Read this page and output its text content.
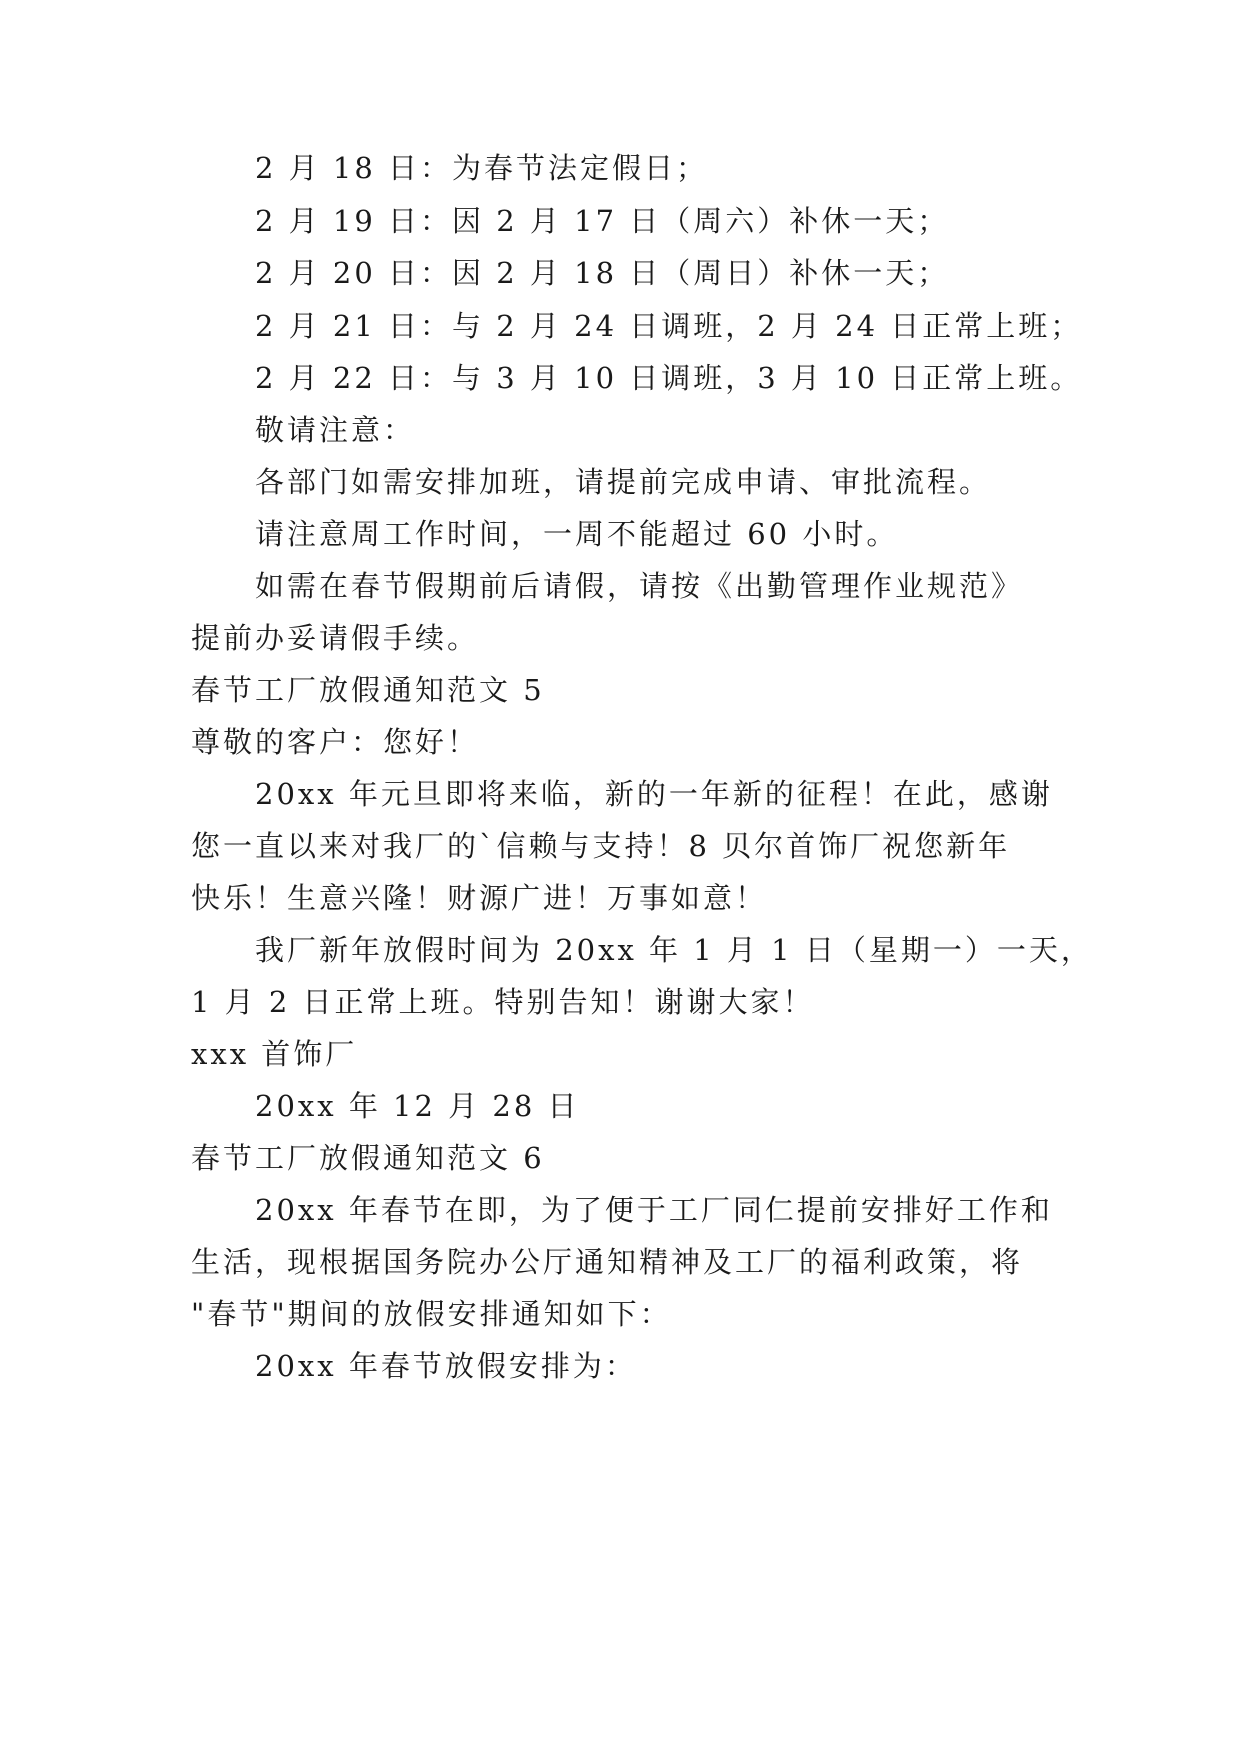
2 月 18 日：为春节法定假日；
2 月 19 日：因 2 月 17 日（周六）补休一天；
2 月 20 日：因 2 月 18 日（周日）补休一天；
2 月 21 日：与 2 月 24 日调班，2 月 24 日正常上班；
2 月 22 日：与 3 月 10 日调班，3 月 10 日正常上班。
敬请注意：
各部门如需安排加班，请提前完成申请、审批流程。
请注意周工作时间，一周不能超过 60 小时。
如需在春节假期前后请假，请按《出勤管理作业规范》
提前办妥请假手续。
春节工厂放假通知范文 5
尊敬的客户：您好！
20xx 年元旦即将来临，新的一年新的征程！在此，感谢
您一直以来对我厂的`信赖与支持！8 贝尔首饰厂祝您新年
快乐！生意兴隆！财源广进！万事如意！
我厂新年放假时间为 20xx 年 1 月 1 日（星期一）一天，
1 月 2 日正常上班。特别告知！谢谢大家！
xxx 首饰厂
20xx 年 12 月 28 日
春节工厂放假通知范文 6
20xx 年春节在即，为了便于工厂同仁提前安排好工作和
生活，现根据国务院办公厅通知精神及工厂的福利政策，将
"春节"期间的放假安排通知如下：
20xx 年春节放假安排为：
